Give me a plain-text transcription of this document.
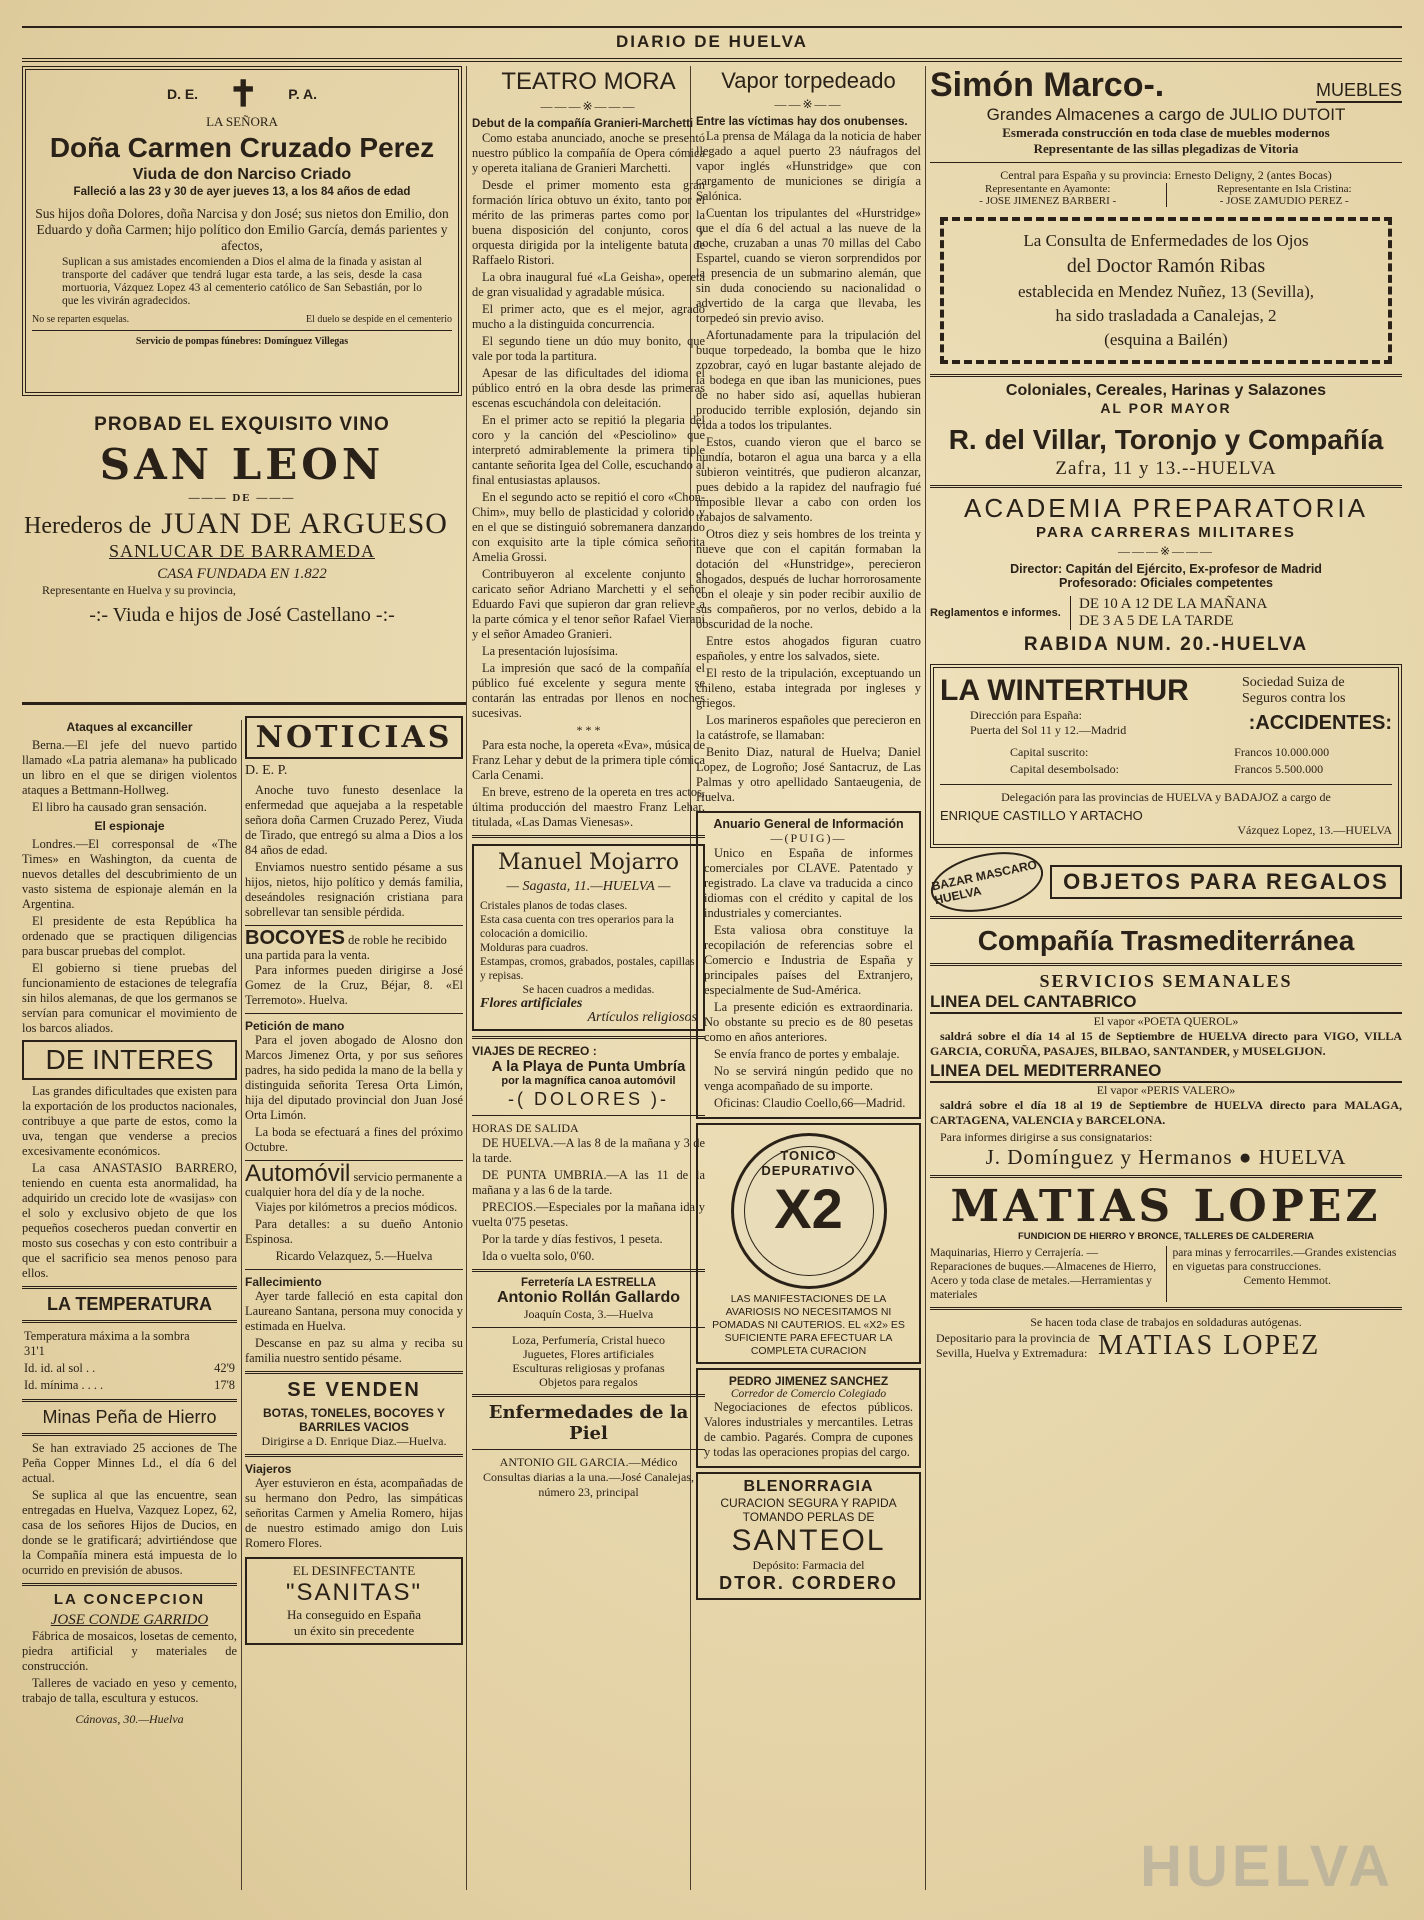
DIARIO DE HUELVA
D. E. ✝ P. A.
LA SEÑORA
Doña Carmen Cruzado Perez
Viuda de don Narciso Criado
Falleció a las 23 y 30 de ayer jueves 13, a los 84 años de edad

Sus hijos doña Dolores, doña Narcisa y don José; sus nietos don Emilio, don Eduardo y doña Carmen; hijo político don Emilio García, demás parientes y afectos,

Suplican a sus amistades encomienden a Dios el alma de la finada y asistan al transporte del cadáver que tendrá lugar esta tarde, a las seis, desde la casa mortuoria, Vázquez Lopez 43 al cementerio católico de San Sebastián, por lo que les vivirán agradecidos.

No se reparten esquelas.	El duelo se despide en el cementerio
Servicio de pompas fúnebres: Domínguez Villegas
PROBAD EL EXQUISITO VINO
SAN LEON
——— DE ———
Herederos de JUAN DE ARGUESO
SANLUCAR DE BARRAMEDA
CASA FUNDADA EN 1.822
Representante en Huelva y su provincia,
-:- Viuda e hijos de José Castellano -:-
Ataques al excanciller

Berna.—El jefe del nuevo partido llamado «La patria alemana» ha publicado un libro en el que se dirigen violentos ataques a Bettmann-Hollweg.

El libro ha causado gran sensación.

El espionaje

Londres.—El corresponsal de «The Times» en Washington, da cuenta de nuevos detalles del descubrimiento de un vasto sistema de espionaje alemán en la Argentina.

El presidente de esta República ha ordenado que se practiquen diligencias para buscar pruebas del complot.

El gobierno si tiene pruebas del funcionamiento de estaciones de telegrafía sin hilos alemanas, de que los germanos se servían para comunicar el movimiento de los barcos aliados.

DE INTERES

Las grandes dificultades que existen para la exportación de los productos nacionales, contribuye a que parte de estos, como la uva, tengan que venderse a precios excesivamente económicos.

La casa ANASTASIO BARRERO, teniendo en cuenta esta anormalidad, ha adquirido un crecido lote de «vasijas» con el solo y exclusivo objeto de que los pequeños cosecheros puedan convertir en mosto sus cosechas y con esto contribuir a que el sacrificio sea menos penoso para ellos.

LA TEMPERATURA
Temperatura máxima a la sombra 31'1	
Id. id. al sol . .	42'9
Id. mínima . . . .	17'8
Minas Peña de Hierro

Se han extraviado 25 acciones de The Peña Copper Minnes Ld., el día 6 del actual.

Se suplica al que las encuentre, sean entregadas en Huelva, Vazquez Lopez, 62, casa de los señores Hijos de Ducios, en donde se le gratificará; advirtiéndose que la Compañía minera está impuesta de lo ocurrido en previsión de abusos.

LA CONCEPCION
JOSE CONDE GARRIDO

Fábrica de mosaicos, losetas de cemento, piedra artificial y materiales de construcción.

Talleres de vaciado en yeso y cemento, trabajo de talla, escultura y estucos.

Cánovas, 30.—Huelva
NOTICIAS
D. E. P.

Anoche tuvo funesto desenlace la enfermedad que aquejaba a la respetable señora doña Carmen Cruzado Perez, Viuda de Tirado, que entregó su alma a Dios a los 84 años de edad.

Enviamos nuestro sentido pésame a sus hijos, nietos, hijo político y demás familia, deseándoles resignación cristiana para sobrellevar tan sensible pérdida.

BOCOYES de roble he recibido una partida para la venta.

Para informes pueden dirigirse a José Gomez de la Cruz, Béjar, 8. «El Terremoto». Huelva.

Petición de mano

Para el joven abogado de Alosno don Marcos Jimenez Orta, y por sus señores padres, ha sido pedida la mano de la bella y distinguida señorita Teresa Orta Limón, hija del diputado provincial don Juan José Orta Limón.

La boda se efectuará a fines del próximo Octubre.

Automóvil servicio permanente a cualquier hora del día y de la noche.

Viajes por kilómetros a precios módicos.

Para detalles: a su dueño Antonio Espinosa.

Ricardo Velazquez, 5.—Huelva

Fallecimiento

Ayer tarde falleció en esta capital don Laureano Santana, persona muy conocida y estimada en Huelva.

Descanse en paz su alma y reciba su familia nuestro sentido pésame.

SE VENDEN
BOTAS, TONELES, BOCOYES Y BARRILES VACIOS
Dirigirse a D. Enrique Diaz.—Huelva.
Viajeros

Ayer estuvieron en ésta, acompañadas de su hermano don Pedro, las simpáticas señoritas Carmen y Amelia Romero, hijas de nuestro estimado amigo don Luis Romero Flores.

EL DESINFECTANTE
"SANITAS"
Ha conseguido en España
un éxito sin precedente
TEATRO MORA
———※———
Debut de la compañía Granieri-Marchetti

Como estaba anunciado, anoche se presentó nuestro público la compañía de Opera cómica y opereta italiana de Granieri Marchetti.

Desde el primer momento esta gran formación lírica obtuvo un éxito, tanto por el mérito de las primeras partes como por la buena disposición del conjunto, coros y orquesta dirigida por la inteligente batuta de Raffaelo Ristori.

La obra inaugural fué «La Geisha», opereta de gran visualidad y agradable música.

El primer acto, que es el mejor, agradó mucho a la distinguida concurrencia.

El segundo tiene un dúo muy bonito, que vale por toda la partitura.

Apesar de las dificultades del idioma el público entró en la obra desde las primeras escenas escuchándola con deleitación.

En el primer acto se repitió la plegaria del coro y la canción del «Pesciolino» que interpretó admirablemente la primera tiple cantante señorita Igea del Colle, escuchando al final entusiastas aplausos.

En el segundo acto se repitió el coro «Chon-Chim», muy bello de plasticidad y colorido y en el que se distinguió sobremanera danzando con exquisito arte la tiple cómica señorita Amelia Grossi.

Contribuyeron al excelente conjunto el caricato señor Adriano Marchetti y el señor Eduardo Favi que supieron dar gran relieve a la parte cómica y el tenor señor Rafael Vierani y el señor Amadeo Granieri.

La presentación lujosísima.

La impresión que sacó de la compañía el público fué excelente y segura mente se contarán las entradas por llenos en noches sucesivas.

* * *

Para esta noche, la opereta «Eva», música de Franz Lehar y debut de la primera tiple cómica Carla Cenami.

En breve, estreno de la opereta en tres actos, última producción del maestro Franz Lehar, titulada, «Las Damas Vienesas».

Manuel Mojarro
— Sagasta, 11.—HUELVA —
Cristales planos de todas clases.
Esta casa cuenta con tres operarios para la colocación a domicilio.
Molduras para cuadros.
Estampas, cromos, grabados, postales, capillas y repisas.
Se hacen cuadros a medidas.
Flores artificiales
Artículos religiosos
VIAJES DE RECREO :
A la Playa de Punta Umbría
por la magnífica canoa automóvil
-( DOLORES )-
HORAS DE SALIDA

DE HUELVA.—A las 8 de la mañana y 3 de la tarde.

DE PUNTA UMBRIA.—A las 11 de la mañana y a las 6 de la tarde.

PRECIOS.—Especiales por la mañana ida y vuelta 0'75 pesetas.

Por la tarde y días festivos, 1 peseta.

Ida o vuelta solo, 0'60.

Ferretería LA ESTRELLA
Antonio Rollán Gallardo
Joaquín Costa, 3.—Huelva
Loza, Perfumería, Cristal hueco
Juguetes, Flores artificiales
Esculturas religiosas y profanas
Objetos para regalos
Enfermedades de la Piel
ANTONIO GIL GARCIA.—Médico
Consultas diarias a la una.—José Canalejas, número 23, principal
Vapor torpedeado
——※——
Entre las víctimas hay dos onubenses.

La prensa de Málaga da la noticia de haber llegado a aquel puerto 23 náufragos del vapor inglés «Hunstridge» que con cargamento de municiones se dirigía a Salónica.

Cuentan los tripulantes del «Hurstridge» que el día 6 del actual a las nueve de la noche, cruzaban a unas 70 millas del Cabo Espartel, cuando se vieron sorprendidos por la presencia de un submarino alemán, que sin duda conociendo su nacionalidad o advertido de la carga que llevaba, les torpedeó sin previo aviso.

Afortunadamente para la tripulación del buque torpedeado, la bomba que le hizo zozobrar, cayó en lugar bastante alejado de la bodega en que iban las municiones, pues de no haber sido así, aquellas hubieran producido terrible explosión, dejando sin vida a todos los tripulantes.

Estos, cuando vieron que el barco se hundía, botaron el agua una barca y a ella subieron veintitrés, que pudieron alcanzar, pues debido a la rapidez del naufragio fué imposible llevar a cabo con orden los trabajos de salvamento.

Otros diez y seis hombres de los treinta y nueve que con el capitán formaban la dotación del «Hunstridge», perecieron ahogados, después de luchar horrorosamente con el oleaje y sin poder recibir auxilio de sus compañeros, por no verlos, debido a la obscuridad de la noche.

Entre estos ahogados figuran cuatro españoles, y entre los salvados, siete.

El resto de la tripulación, exceptuando un chileno, estaba integrada por ingleses y griegos.

Los marineros españoles que perecieron en la catástrofe, se llamaban:

Benito Diaz, natural de Huelva; Daniel Lopez, de Logroño; José Santacruz, de Las Palmas y otro apellidado Santaeugenia, de Huelva.

Anuario General de Información
—(PUIG)—

Unico en España de informes comerciales por CLAVE. Patentado y registrado. La clave va traducida a cinco idiomas con el crédito y capital de los industriales y comerciantes.

Esta valiosa obra constituye la recopilación de referencias sobre el Comercio e Industria de España y principales países del Extranjero, especialmente de Sud-América.

La presente edición es extraordinaria. No obstante su precio es de 80 pesetas como en años anteriores.

Se envía franco de portes y embalaje.

No se servirá ningún pedido que no venga acompañado de su importe.

Oficinas: Claudio Coello,66—Madrid.

TONICO DEPURATIVO
X2
LAS MANIFESTACIONES DE LA AVARIOSIS NO NECESITAMOS NI POMADAS NI CAUTERIOS. EL «X2» ES SUFICIENTE PARA EFECTUAR LA COMPLETA CURACION
PEDRO JIMENEZ SANCHEZ
Corredor de Comercio Colegiado

Negociaciones de efectos públicos. Valores industriales y mercantiles. Letras de cambio. Pagarés. Compra de cupones y todas las operaciones propias del cargo.

BLENORRAGIA
CURACION SEGURA Y RAPIDA
TOMANDO PERLAS DE
SANTEOL
Depósito: Farmacia del
DTOR. CORDERO
Simón Marco-.	MUEBLES
Grandes Almacenes a cargo de JULIO DUTOIT
Esmerada construcción en toda clase de muebles modernos
Representante de las sillas plegadizas de Vitoria
Central para España y su provincia: Ernesto Deligny, 2 (antes Bocas)
Representante en Ayamonte:
- JOSE JIMENEZ BARBERI -
Representante en Isla Cristina:
- JOSE ZAMUDIO PEREZ -
La Consulta de Enfermedades de los Ojos
del Doctor Ramón Ribas
establecida en Mendez Nuñez, 13 (Sevilla),
ha sido trasladada a Canalejas, 2
(esquina a Bailén)
Coloniales, Cereales, Harinas y Salazones
AL POR MAYOR
R. del Villar, Toronjo y Compañía
Zafra, 11 y 13.--HUELVA
ACADEMIA PREPARATORIA
PARA CARRERAS MILITARES
———※———
Director: Capitán del Ejército, Ex-profesor de Madrid
Profesorado: Oficiales competentes
Reglamentos e informes.
DE 10 A 12 DE LA MAÑANA
DE 3 A 5 DE LA TARDE
RABIDA NUM. 20.-HUELVA
LA WINTERTHUR	Sociedad Suiza de Seguros contra los
Dirección para España:
Puerta del Sol 11 y 12.—Madrid	:ACCIDENTES:
Capital suscrito:	Francos 10.000.000
Capital desembolsado:	Francos 5.500.000
Delegación para las provincias de HUELVA y BADAJOZ a cargo de
ENRIQUE CASTILLO Y ARTACHO
Vázquez Lopez, 13.—HUELVA
BAZAR MASCARO HUELVA
OBJETOS PARA REGALOS
Compañía Trasmediterránea
SERVICIOS SEMANALES
LINEA DEL CANTABRICO
El vapor «POETA QUEROL»

saldrá sobre el día 14 al 15 de Septiembre de HUELVA directo para VIGO, VILLA GARCIA, CORUÑA, PASAJES, BILBAO, SANTANDER, y MUSELGIJON.

LINEA DEL MEDITERRANEO
El vapor «PERIS VALERO»

saldrá sobre el día 18 al 19 de Septiembre de HUELVA directo para MALAGA, CARTAGENA, VALENCIA y BARCELONA.

Para informes dirigirse a sus consignatarios:
J. Domínguez y Hermanos ● HUELVA
MATIAS LOPEZ
FUNDICION DE HIERRO Y BRONCE, TALLERES DE CALDERERIA
Maquinarias, Hierro y Cerrajería. —Reparaciones de buques.—Almacenes de Hierro, Acero y toda clase de metales.—Herramientas y materiales
para minas y ferrocarriles.—Grandes existencias en viguetas para construcciones.
Cemento Hemmot.
Se hacen toda clase de trabajos en soldaduras autógenas.
Depositario para la provincia de
Sevilla, Huelva y Extremadura: MATIAS LOPEZ
HUELVA
